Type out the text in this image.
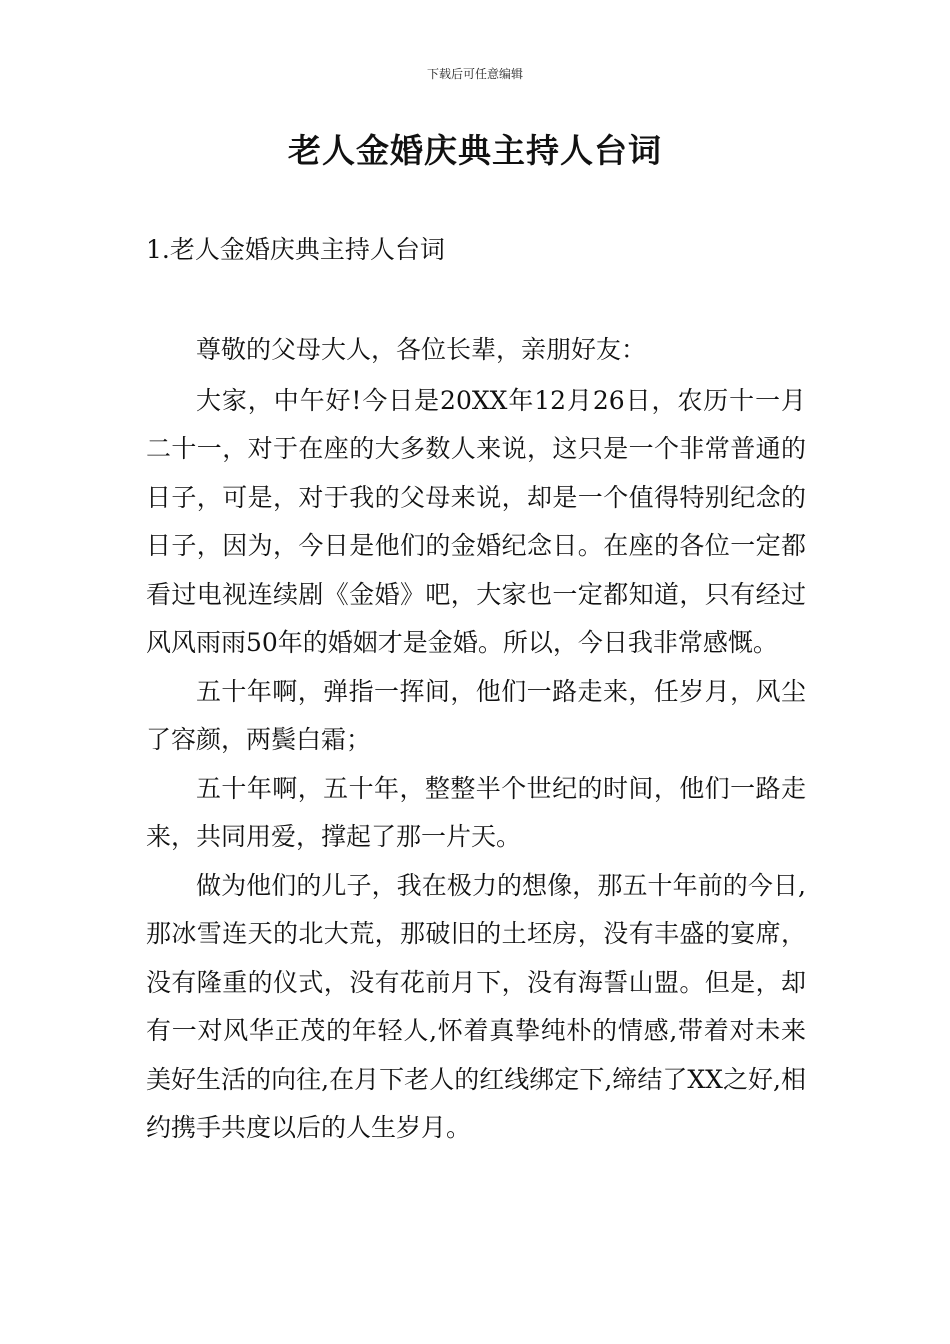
下载后可任意编辑
老人金婚庆典主持人台词
1.老人金婚庆典主持人台词

尊敬的父母大人，各位长辈，亲朋好友：

大家，中午好!今日是20XX年12月26日，农历十一月二十一，对于在座的大多数人来说，这只是一个非常普通的日子，可是，对于我的父母来说，却是一个值得特别纪念的日子，因为，今日是他们的金婚纪念日。在座的各位一定都看过电视连续剧《金婚》吧，大家也一定都知道，只有经过风风雨雨50年的婚姻才是金婚。所以，今日我非常感慨。

五十年啊，弹指一挥间，他们一路走来，任岁月，风尘了容颜，两鬓白霜；

五十年啊，五十年，整整半个世纪的时间，他们一路走来，共同用爱，撑起了那一片天。

做为他们的儿子，我在极力的想像，那五十年前的今日,那冰雪连天的北大荒，那破旧的土坯房，没有丰盛的宴席，没有隆重的仪式，没有花前月下，没有海誓山盟。但是，却有一对风华正茂的年轻人,怀着真挚纯朴的情感,带着对未来美好生活的向往,在月下老人的红线绑定下,缔结了XX之好,相约携手共度以后的人生岁月。
